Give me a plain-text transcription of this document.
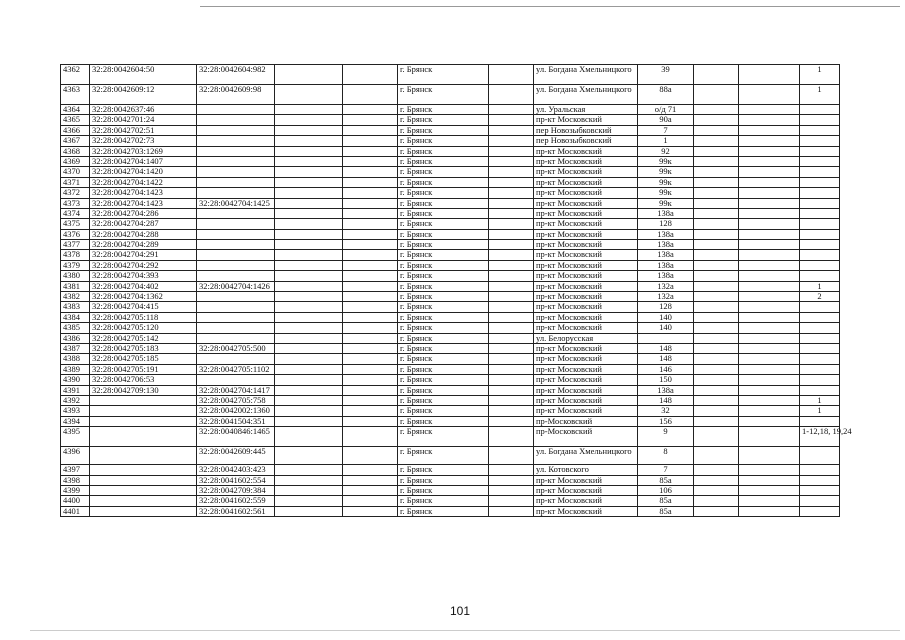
4362	32:28:0042604:50	32:28:0042604:982			г. Брянск		ул. Богдана Хмельницкого	39			1
4363	32:28:0042609:12	32:28:0042609:98			г. Брянск		ул. Богдана Хмельницкого	88а			1
4364	32:28:0042637:46				г. Брянск		ул. Уральская	о/д 71			
4365	32:28:0042701:24				г. Брянск		пр-кт Московский	90а			
4366	32:28:0042702:51				г. Брянск		пер Новозыбковский	7			
4367	32:28:0042702:73				г. Брянск		пер Новозыбковский	1			
4368	32:28:0042703:1269				г. Брянск		пр-кт Московский	92			
4369	32:28:0042704:1407				г. Брянск		пр-кт Московский	99к			
4370	32:28:0042704:1420				г. Брянск		пр-кт Московский	99к			
4371	32:28:0042704:1422				г. Брянск		пр-кт Московский	99к			
4372	32:28:0042704:1423				г. Брянск		пр-кт Московский	99к			
4373	32:28:0042704:1423	32:28:0042704:1425			г. Брянск		пр-кт Московский	99к			
4374	32:28:0042704:286				г. Брянск		пр-кт Московский	138а			
4375	32:28:0042704:287				г. Брянск		пр-кт Московский	128			
4376	32:28:0042704:288				г. Брянск		пр-кт Московский	138а			
4377	32:28:0042704:289				г. Брянск		пр-кт Московский	138а			
4378	32:28:0042704:291				г. Брянск		пр-кт Московский	138а			
4379	32:28:0042704:292				г. Брянск		пр-кт Московский	138а			
4380	32:28:0042704:393				г. Брянск		пр-кт Московский	138а			
4381	32:28:0042704:402	32:28:0042704:1426			г. Брянск		пр-кт Московский	132а			1
4382	32:28:0042704:1362				г. Брянск		пр-кт Московский	132а			2
4383	32:28:0042704:415				г. Брянск		пр-кт Московский	128			
4384	32:28:0042705:118				г. Брянск		пр-кт Московский	140			
4385	32:28:0042705:120				г. Брянск		пр-кт Московский	140			
4386	32:28:0042705:142				г. Брянск		ул. Белорусская				
4387	32:28:0042705:183	32:28:0042705:500			г. Брянск		пр-кт Московский	148			
4388	32:28:0042705:185				г. Брянск		пр-кт Московский	148			
4389	32:28:0042705:191	32:28:0042705:1102			г. Брянск		пр-кт Московский	146			
4390	32:28:0042706:53				г. Брянск		пр-кт Московский	150			
4391	32:28:0042709:130	32:28:0042704:1417			г. Брянск		пр-кт Московский	138а			
4392		32:28:0042705:758			г. Брянск		пр-кт Московский	148			1
4393		32:28:0042002:1360			г. Брянск		пр-кт Московский	32			1
4394		32:28:0041504:351			г. Брянск		пр-Московский	156			
4395		32:28:0040846:1465			г. Брянск		пр-Московский	9			1-12,18, 19,24
4396		32:28:0042609:445			г. Брянск		ул. Богдана Хмельницкого	8			
4397		32:28:0042403:423			г. Брянск		ул. Котовского	7			
4398		32:28:0041602:554			г. Брянск		пр-кт Московский	85а			
4399		32:28:0042709:384			г. Брянск		пр-кт Московский	106			
4400		32:28:0041602:559			г. Брянск		пр-кт Московский	85а			
4401		32:28:0041602:561			г. Брянск		пр-кт Московский	85а			
101
